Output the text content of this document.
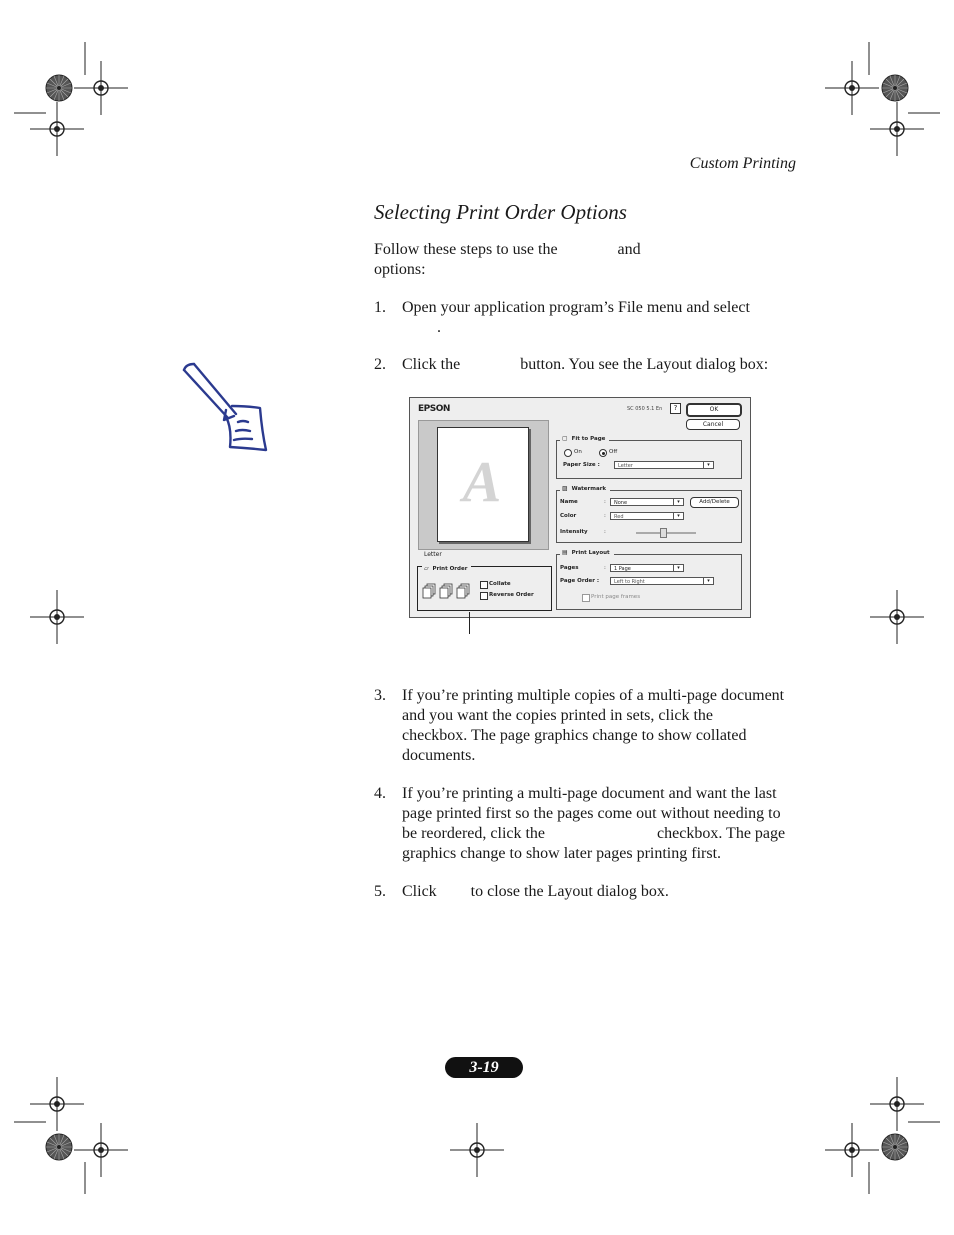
Custom Printing
Selecting Print Order Options
Follow these steps to use the	and
options:
1. Open your application program’s File menu and select
.
2. Click the	button. You see the Layout dialog box:
EPSON	SC 050 5.1 En	?	OK
Cancel
A
Letter
▢ Fit to Page
On	Off
Paper Size :	Letter	▾
▨ Watermark
Name	:	None	▾	Add/Delete
Color	:	Red	▾
Intensity	:
▤ Print Layout
Pages	:	1 Page	▾
Page Order :	Left to Right	▾
Print page frames
▱ Print Order
Collate
Reverse Order
3. If you’re printing multiple copies of a multi-page document
and you want the copies printed in sets, click the
checkbox. The page graphics change to show collated
documents.
4. If you’re printing a multi-page document and want the last
page printed first so the pages come out without needing to
be reordered, click the	checkbox. The page
graphics change to show later pages printing first.
5. Click to close the Layout dialog box.
3-19
